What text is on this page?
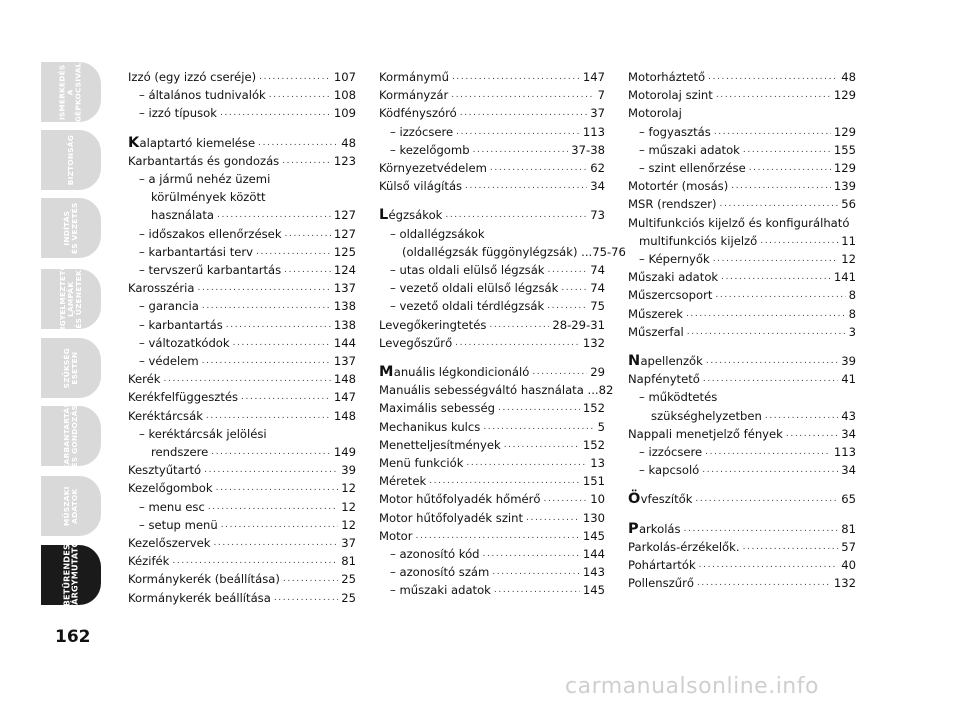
ISMERKEDÉS
A GÉPKOCSIVAL
BIZTONSÁG
INDÍTÁS
ÉS VEZETÉS
FIGYELMEZTETŐ
LÁMPÁK
ÉS ÜZENETEK
SZÜKSÉG
ESETEN
KARBANTARTÁS
ÉS GONDOZÁS
MŰSZAKI
ADATOK
BETŰRENDES
TÁRGYMUTATÓ
162
Izzó (egy izzó cseréje) .....	107
– általános tudnivalók .....	108
– izzó típusok .....	109
Kalaptartó kiemelése .....	48
Karbantartás és gondozás .....	123
– a jármű nehéz üzemi
körülmények között
használata .....	127
– időszakos ellenőrzések .....	127
– karbantartási terv .....	125
– tervszerű karbantartás .....	124
Karosszéria .....	137
– garancia .....	138
– karbantartás .....	138
– változatkódok .....	144
– védelem .....	137
Kerék .....	148
Kerékfelfüggesztés .....	147
Keréktárcsák .....	148
– keréktárcsák jelölési
rendszere .....	149
Kesztyűtartó .....	39
Kezelőgombok .....	12
– menu esc .....	12
– setup menü .....	12
Kezelőszervek .....	37
Kézifék .....	81
Kormánykerék (beállítása) .....	25
Kormánykerék beállítása .....	25
Kormánymű .....	147
Kormányzár .....	7
Ködfényszóró .....	37
– izzócsere .....	113
– kezelőgomb .....	37-38
Környezetvédelem .....	62
Külső világítás .....	34
Légzsákok .....	73
– oldallégzsákok
(oldallégzsák függönylégzsák) ... 75-76
– utas oldali elülső légzsák .....	74
– vezető oldali elülső légzsák .....	74
– vezető oldali térdlégzsák .....	75
Levegőkeringtetés .....	28-29-31
Levegőszűrő .....	132
Manuális légkondicionáló .....	29
Manuális sebességváltó használata ... 82
Maximális sebesség .....	152
Mechanikus kulcs .....	5
Menetteljesítmények .....	152
Menü funkciók .....	13
Méretek .....	151
Motor hűtőfolyadék hőmérő .....	10
Motor hűtőfolyadék szint .....	130
Motor .....	145
– azonosító kód .....	144
– azonosító szám .....	143
– műszaki adatok .....	145
Motorháztető .....	48
Motorolaj szint .....	129
Motorolaj
– fogyasztás .....	129
– műszaki adatok .....	155
– szint ellenőrzése .....	129
Motortér (mosás) .....	139
MSR (rendszer) .....	56
Multifunkciós kijelző és konfigurálható
multifunkciós kijelző .....	11
– Képernyők .....	12
Műszaki adatok .....	141
Műszercsoport .....	8
Műszerek .....	8
Műszerfal .....	3
Napellenzők .....	39
Napfénytető .....	41
– működtetés
szükséghelyzetben .....	43
Nappali menetjelző fények .....	34
– izzócsere .....	113
– kapcsoló .....	34
Övfeszítők .....	65
Parkolás .....	81
Parkolás-érzékelők. .....	57
Pohártartók .....	40
Pollenszűrő .....	132
carmanualsonline.info
